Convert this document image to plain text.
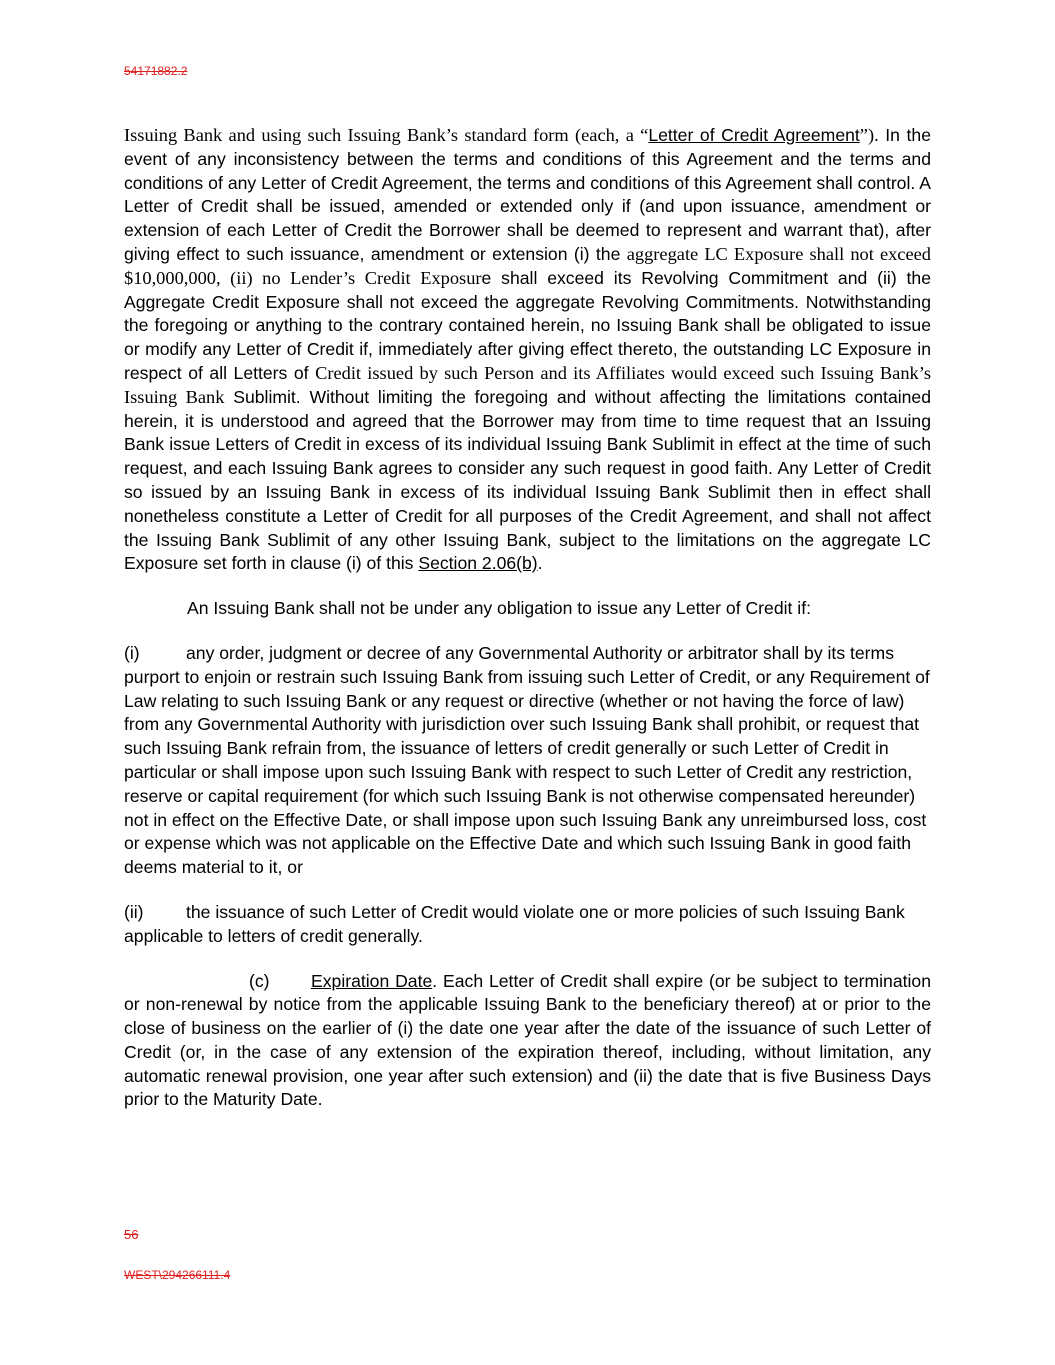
54171882.2

Issuing Bank and using such Issuing Bank’s standard form (each, a “Letter of Credit Agreement”). In the event of any inconsistency between the terms and conditions of this Agreement and the terms and conditions of any Letter of Credit Agreement, the terms and conditions of this Agreement shall control. A Letter of Credit shall be issued, amended or extended only if (and upon issuance, amendment or extension of each Letter of Credit the Borrower shall be deemed to represent and warrant that), after giving effect to such issuance, amendment or extension (i) the aggregate LC Exposure shall not exceed $10,000,000, (ii) no Lender’s Credit Exposure shall exceed its Revolving Commitment and (ii) the Aggregate Credit Exposure shall not exceed the aggregate Revolving Commitments. Notwithstanding the foregoing or anything to the contrary contained herein, no Issuing Bank shall be obligated to issue or modify any Letter of Credit if, immediately after giving effect thereto, the outstanding LC Exposure in respect of all Letters of Credit issued by such Person and its Affiliates would exceed such Issuing Bank’s Issuing Bank Sublimit. Without limiting the foregoing and without affecting the limitations contained herein, it is understood and agreed that the Borrower may from time to time request that an Issuing Bank issue Letters of Credit in excess of its individual Issuing Bank Sublimit in effect at the time of such request, and each Issuing Bank agrees to consider any such request in good faith. Any Letter of Credit so issued by an Issuing Bank in excess of its individual Issuing Bank Sublimit then in effect shall nonetheless constitute a Letter of Credit for all purposes of the Credit Agreement, and shall not affect the Issuing Bank Sublimit of any other Issuing Bank, subject to the limitations on the aggregate LC Exposure set forth in clause (i) of this Section 2.06(b).

An Issuing Bank shall not be under any obligation to issue any Letter of Credit if:

(i)	any order, judgment or decree of any Governmental Authority or arbitrator shall by its terms purport to enjoin or restrain such Issuing Bank from issuing such Letter of Credit, or any Requirement of Law relating to such Issuing Bank or any request or directive (whether or not having the force of law) from any Governmental Authority with jurisdiction over such Issuing Bank shall prohibit, or request that such Issuing Bank refrain from, the issuance of letters of credit generally or such Letter of Credit in particular or shall impose upon such Issuing Bank with respect to such Letter of Credit any restriction, reserve or capital requirement (for which such Issuing Bank is not otherwise compensated hereunder) not in effect on the Effective Date, or shall impose upon such Issuing Bank any unreimbursed loss, cost or expense which was not applicable on the Effective Date and which such Issuing Bank in good faith deems material to it, or

(ii) the issuance of such Letter of Credit would violate one or more policies of such Issuing Bank applicable to letters of credit generally.

(c) Expiration Date. Each Letter of Credit shall expire (or be subject to termination or non-renewal by notice from the applicable Issuing Bank to the beneficiary thereof) at or prior to the close of business on the earlier of (i) the date one year after the date of the issuance of such Letter of Credit (or, in the case of any extension of the expiration thereof, including, without limitation, any automatic renewal provision, one year after such extension) and (ii) the date that is five Business Days prior to the Maturity Date.

56
WEST\294266111.4
